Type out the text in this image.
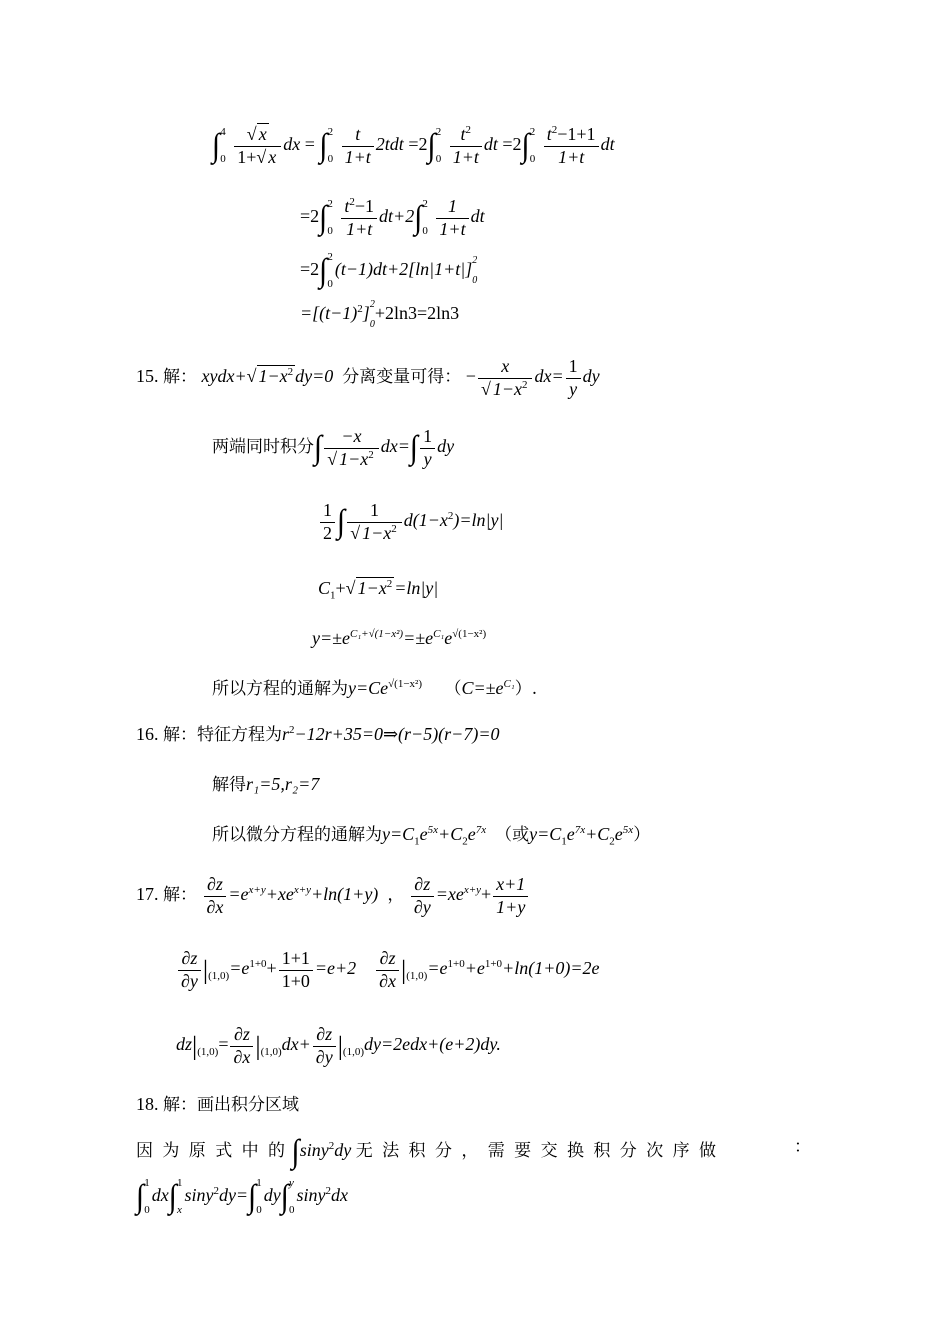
∫ 4
0
$\frac{√ x}{1+√ x}$ dx = ∫ 2
0
$\frac{t}{1+t} 2tdt =2\int$ 2
0
$\frac{t^2}{1+t}$ dt =2∫ 2
0
$\frac{t^2-1+1}{1+t}$ dt
=2∫ 2
0
$\frac{t^2-1}{1+t} dt+2\int$ 2
0
$\frac{1}{1+t}$ dt
=2∫ 2
0
(t−1)dt+2[ln|1+t|] 2
0
$=[(t-1)^2]$ 2
0
+2ln3=2ln3
15. 解： xydx+√ $1-x^2$ dy=0 分离变量可得： − $\frac{x}{√ 1-x^2} dx= \frac{1}{y}$ dy
两端同时积分∫ $\frac{-x}{√ 1-x^2} dx=\int \frac{1}{y}$ dy
$\frac{1}{2}$ ∫ $\frac{1}{√ 1-x^2} d(1-x^2)=\ln|y|$
$C_1+√$ $1-x^2 =\ln|y|$
$y=\pm e^{C_1+√(1-x^2)}=\pm e^{C_1}e^{√(1-x^2)}$
所以方程的通解为$y=Ce^{√(1-x^2)}$ $(C=\pm e^{C_1})$.
16. 解：特征方程为$r^2-12r+35=0\Rightarrow(r-5)(r-7)=0$
解得r₁=5,r₂=7
所以微分方程的通解为$y=C_1e^{5x}+C_2e^{7x}$ （或$y=C_1e^{7x}+C_2e^{5x}$）
17. 解： $\frac{\partial z}{\partial x} =e^{x+y}+xe^{x+y}+\ln(1+y)$ ， $\frac{\partial z}{\partial y} =xe^{x+y}+ \frac{x+1}{1+y}$
$\frac{\partial z}{\partial y} |_{(1,0)}=e^{1+0}+ \frac{1+1}{1+0} =e+2 \frac{\partial z}{\partial x} |_{(1,0)}=e^{1+0}+e^{1+0}+\ln(1+0)=2e$
$dz|_{(1,0)}= \frac{\partial z}{\partial x} |_{(1,0)}dx+ \frac{\partial z}{\partial y} |_{(1,0)}dy=2edx+(e+2)dy$.
18. 解：画出积分区域
因 为 原 式 中 的 ∫siny$^2$dy 无 法 积 分 ， 需 要 交 换 积 分 次 序 做	：
∫ 1
0
dx∫ 1
x
siny$^2$dy=∫ 1
0
dy∫ y
0
siny$^2$dx
